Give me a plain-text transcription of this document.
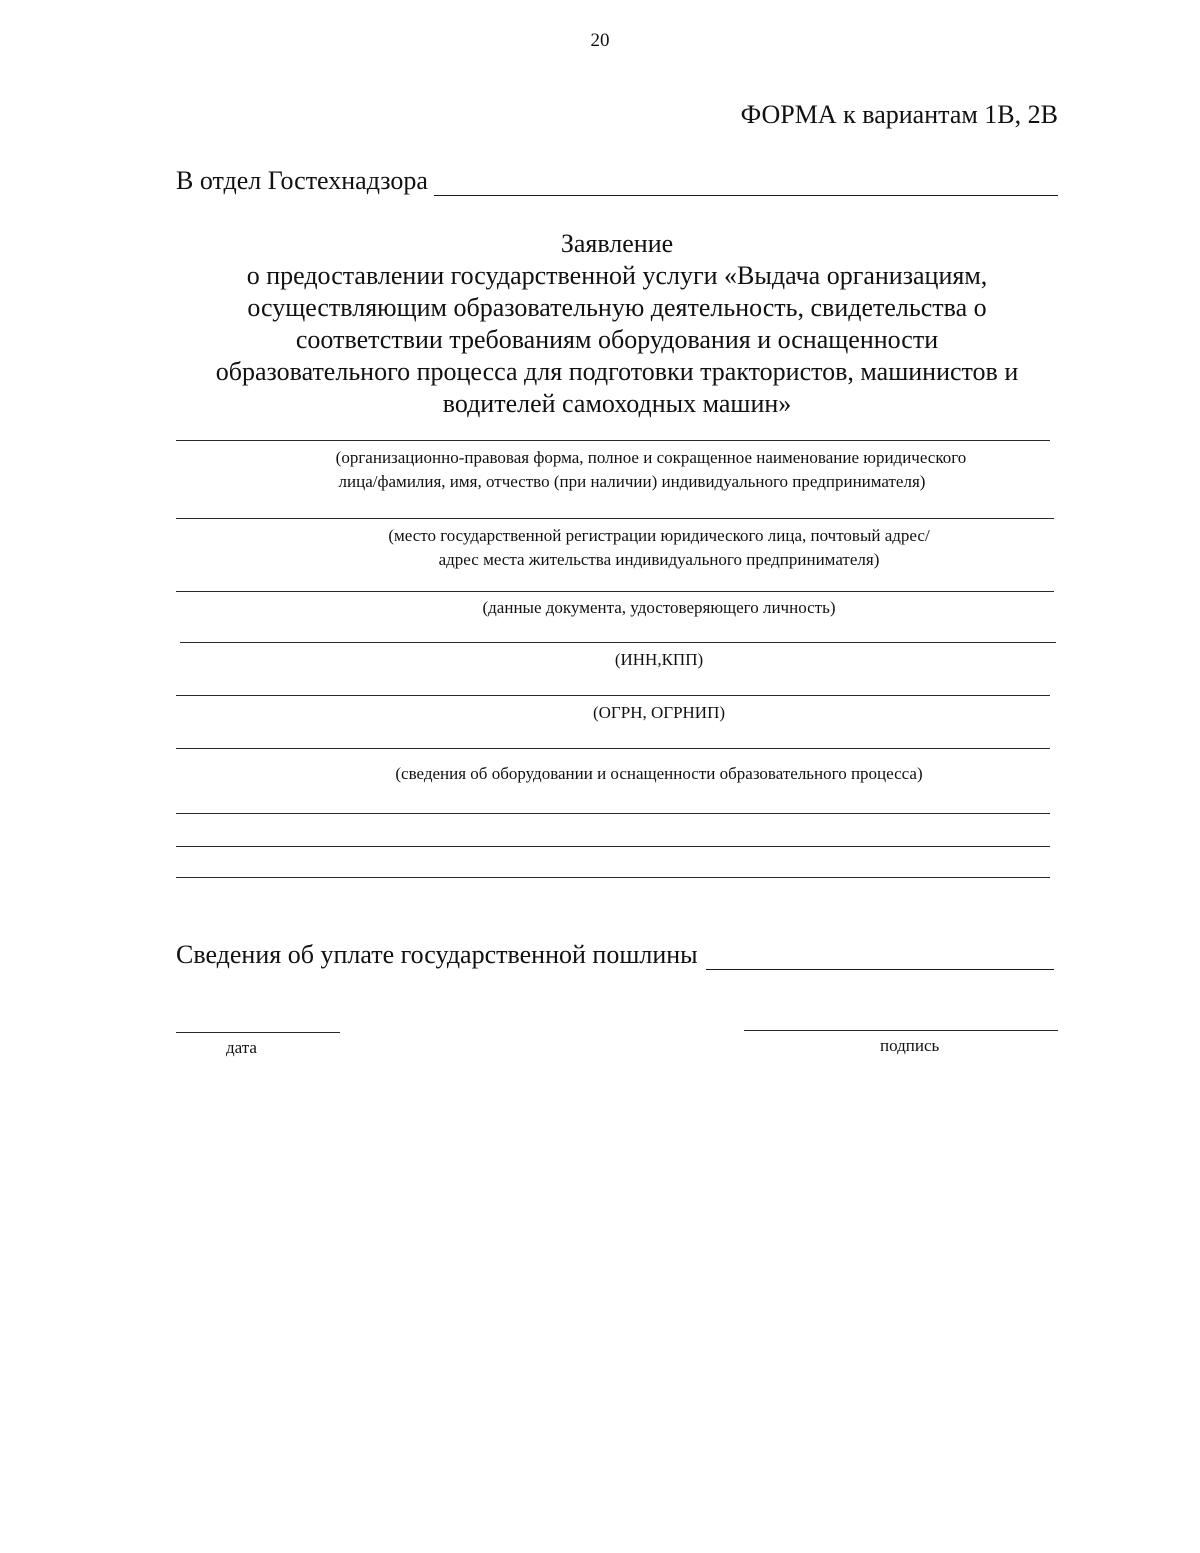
20
ФОРМА к вариантам 1В, 2В
В отдел Гостехнадзора
Заявление
о предоставлении государственной услуги «Выдача организациям,
осуществляющим образовательную деятельность, свидетельства о
соответствии требованиям оборудования и оснащенности
образовательного процесса для подготовки трактористов, машинистов и
водителей самоходных машин»
(организационно-правовая форма, полное и сокращенное наименование юридического
лица/фамилия, имя, отчество (при наличии) индивидуального предпринимателя)
(место государственной регистрации юридического лица, почтовый адрес/
адрес места жительства индивидуального предпринимателя)
(данные документа, удостоверяющего личность)
(ИНН,КПП)
(ОГРН, ОГРНИП)
(сведения об оборудовании и оснащенности образовательного процесса)
Сведения об уплате государственной пошлины
дата	подпись
